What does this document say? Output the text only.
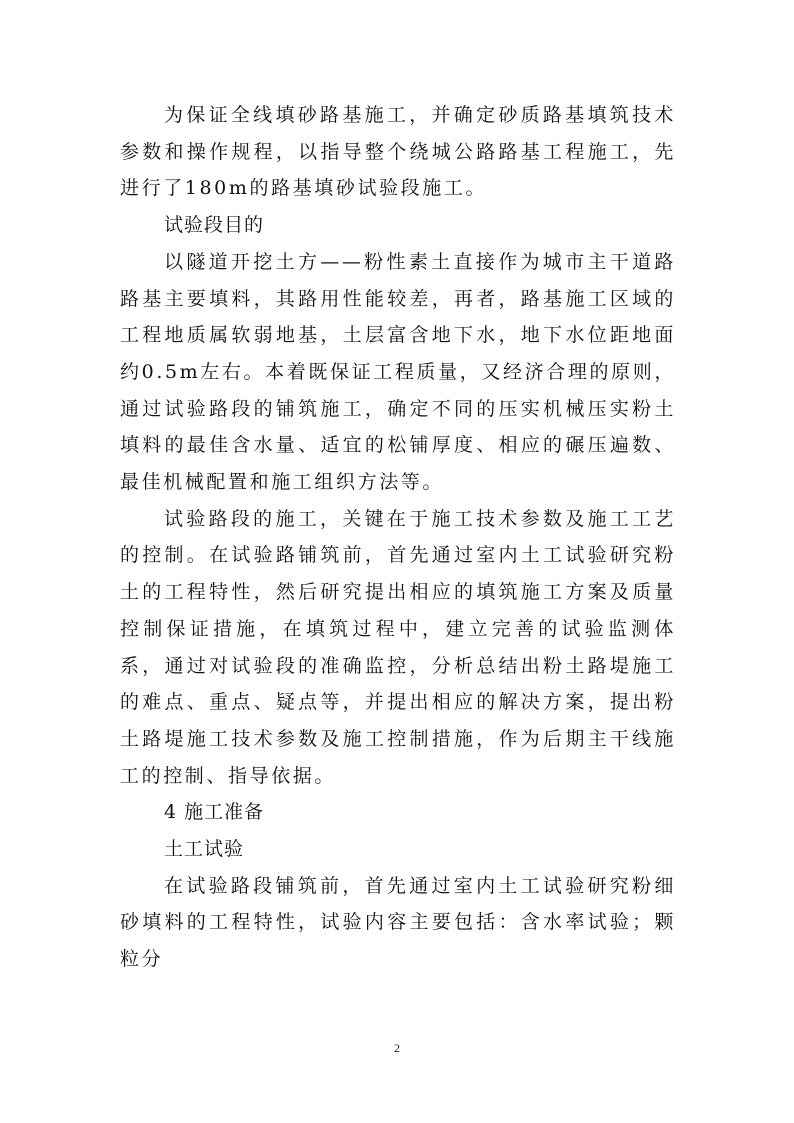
为保证全线填砂路基施工，并确定砂质路基填筑技术参数和操作规程，以指导整个绕城公路路基工程施工，先进行了180m的路基填砂试验段施工。

试验段目的

以隧道开挖土方——粉性素土直接作为城市主干道路路基主要填料，其路用性能较差，再者，路基施工区域的工程地质属软弱地基，土层富含地下水，地下水位距地面约0.5m左右。本着既保证工程质量，又经济合理的原则，通过试验路段的铺筑施工，确定不同的压实机械压实粉土填料的最佳含水量、适宜的松铺厚度、相应的碾压遍数、最佳机械配置和施工组织方法等。

试验路段的施工，关键在于施工技术参数及施工工艺的控制。在试验路铺筑前，首先通过室内土工试验研究粉土的工程特性，然后研究提出相应的填筑施工方案及质量控制保证措施，在填筑过程中，建立完善的试验监测体系，通过对试验段的准确监控，分析总结出粉土路堤施工的难点、重点、疑点等，并提出相应的解决方案，提出粉土路堤施工技术参数及施工控制措施，作为后期主干线施工的控制、指导依据。

4 施工准备

土工试验

在试验路段铺筑前，首先通过室内土工试验研究粉细砂填料的工程特性，试验内容主要包括：含水率试验；颗粒分

2
